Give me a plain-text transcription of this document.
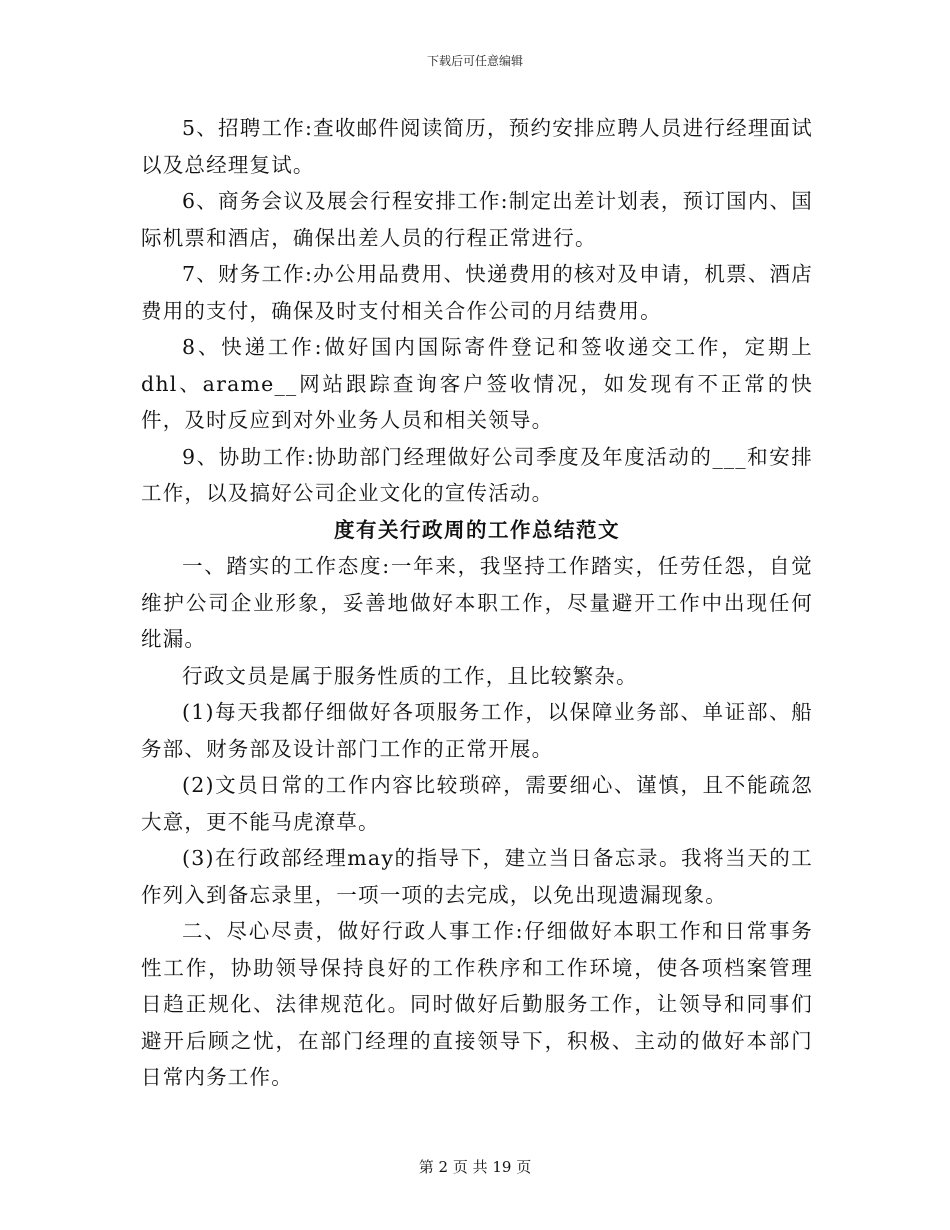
下载后可任意编辑

5、招聘工作:查收邮件阅读简历，预约安排应聘人员进行经理面试以及总经理复试。

6、商务会议及展会行程安排工作:制定出差计划表，预订国内、国际机票和酒店，确保出差人员的行程正常进行。

7、财务工作:办公用品费用、快递费用的核对及申请，机票、酒店费用的支付，确保及时支付相关合作公司的月结费用。

8、快递工作:做好国内国际寄件登记和签收递交工作，定期上dhl、arame__网站跟踪查询客户签收情况，如发现有不正常的快件，及时反应到对外业务人员和相关领导。

9、协助工作:协助部门经理做好公司季度及年度活动的___和安排工作，以及搞好公司企业文化的宣传活动。

度有关行政周的工作总结范文

一、踏实的工作态度:一年来，我坚持工作踏实，任劳任怨，自觉维护公司企业形象，妥善地做好本职工作，尽量避开工作中出现任何纰漏。

行政文员是属于服务性质的工作，且比较繁杂。

(1)每天我都仔细做好各项服务工作，以保障业务部、单证部、船务部、财务部及设计部门工作的正常开展。

(2)文员日常的工作内容比较琐碎，需要细心、谨慎，且不能疏忽大意，更不能马虎潦草。

(3)在行政部经理may的指导下，建立当日备忘录。我将当天的工作列入到备忘录里，一项一项的去完成，以免出现遗漏现象。

二、尽心尽责，做好行政人事工作:仔细做好本职工作和日常事务性工作，协助领导保持良好的工作秩序和工作环境，使各项档案管理日趋正规化、法律规范化。同时做好后勤服务工作，让领导和同事们避开后顾之忧，在部门经理的直接领导下，积极、主动的做好本部门日常内务工作。

第 2 页 共 19 页
